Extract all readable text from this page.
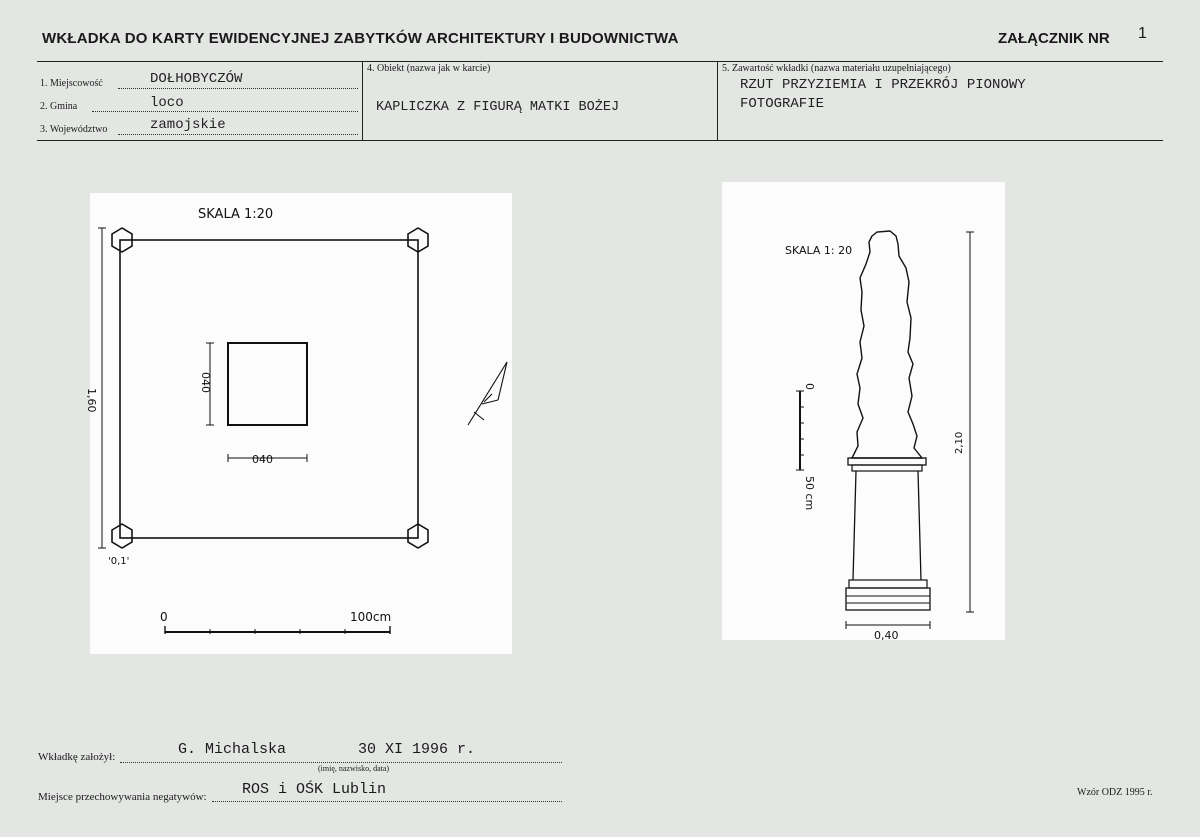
WKŁADKA DO KARTY EWIDENCYJNEJ ZABYTKÓW ARCHITEKTURY I BUDOWNICTWA	ZAŁĄCZNIK NR 1
1. Miejscowość	DOŁHOBYCZÓW
2. Gmina	loco
3. Województwo	zamojskie
4. Obiekt (nazwa jak w karcie)
KAPLICZKA Z FIGURĄ MATKI BOŻEJ
5. Zawartość wkładki (nazwa materiału uzupełniającego)
RZUT PRZYZIEMIA I PRZEKRÓJ PIONOWY
FOTOGRAFIE
SKALA 1:20
1,60
040
040
'0,1'
0	100cm
SKALA 1: 20
0
50 cm
2,10
0,40
Wkładkę założył:	G. Michalska        30 XI 1996 r.
(imię, nazwisko, data)
Miejsce przechowywania negatywów: ROS i OŚK Lublin	Wzór ODZ 1995 r.
